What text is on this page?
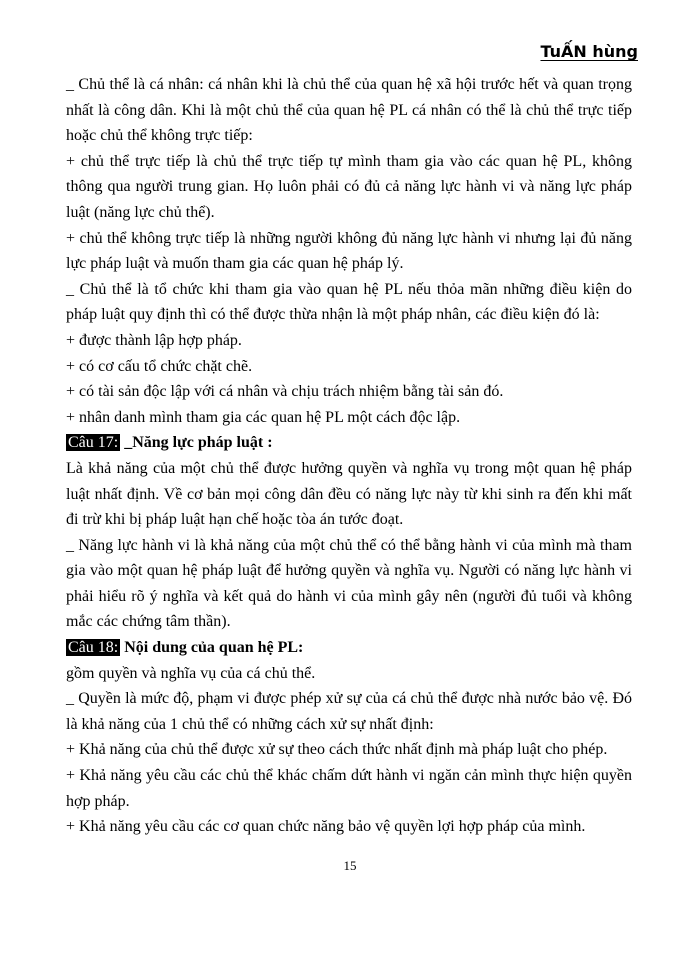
TuẤN hùng

_ Chủ thể là cá nhân: cá nhân khi là chủ thể của quan hệ xã hội trước hết và quan trọng nhất là công dân. Khi là một chủ thể của quan hệ PL cá nhân có thể là chủ thể trực tiếp hoặc chủ thể không trực tiếp:

+ chủ thể trực tiếp là chủ thể trực tiếp tự mình tham gia vào các quan hệ PL, không thông qua người trung gian. Họ luôn phải có đủ cả năng lực hành vi và năng lực pháp luật (năng lực chủ thể).

+ chủ thể không trực tiếp là những người không đủ năng lực hành vi nhưng lại đủ năng lực pháp luật và muốn tham gia các quan hệ pháp lý.

_ Chủ thể là tổ chức khi tham gia vào quan hệ PL nếu thỏa mãn những điều kiện do pháp luật quy định thì có thể được thừa nhận là một pháp nhân, các điều kiện đó là:

+ được thành lập hợp pháp.

+ có cơ cấu tổ chức chặt chẽ.

+ có tài sản độc lập với cá nhân và chịu trách nhiệm bằng tài sản đó.

+ nhân danh mình tham gia các quan hệ PL một cách độc lập.

Câu 17: _Năng lực pháp luật :

Là khả năng của một chủ thể được hưởng quyền và nghĩa vụ trong một quan hệ pháp luật nhất định. Về cơ bản mọi công dân đều có năng lực này từ khi sinh ra đến khi mất đi trừ khi bị pháp luật hạn chế hoặc tòa án tước đoạt.

_ Năng lực hành vi là khả năng của một chủ thể có thể bằng hành vi của mình mà tham gia vào một quan hệ pháp luật để hưởng quyền và nghĩa vụ. Người có năng lực hành vi phải hiểu rõ ý nghĩa và kết quả do hành vi của mình gây nên (người đủ tuổi và không mắc các chứng tâm thần).

Câu 18: Nội dung của quan hệ PL:

gồm quyền và nghĩa vụ của cá chủ thể.

_ Quyền là mức độ, phạm vi được phép xử sự của cá chủ thể được nhà nước bảo vệ. Đó là khả năng của 1 chủ thể có những cách xử sự nhất định:

+ Khả năng của chủ thể được xử sự theo cách thức nhất định mà pháp luật cho phép.

+ Khả năng yêu cầu các chủ thể khác chấm dứt hành vi ngăn cản mình thực hiện quyền hợp pháp.

+ Khả năng yêu cầu các cơ quan chức năng bảo vệ quyền lợi hợp pháp của mình.

15
